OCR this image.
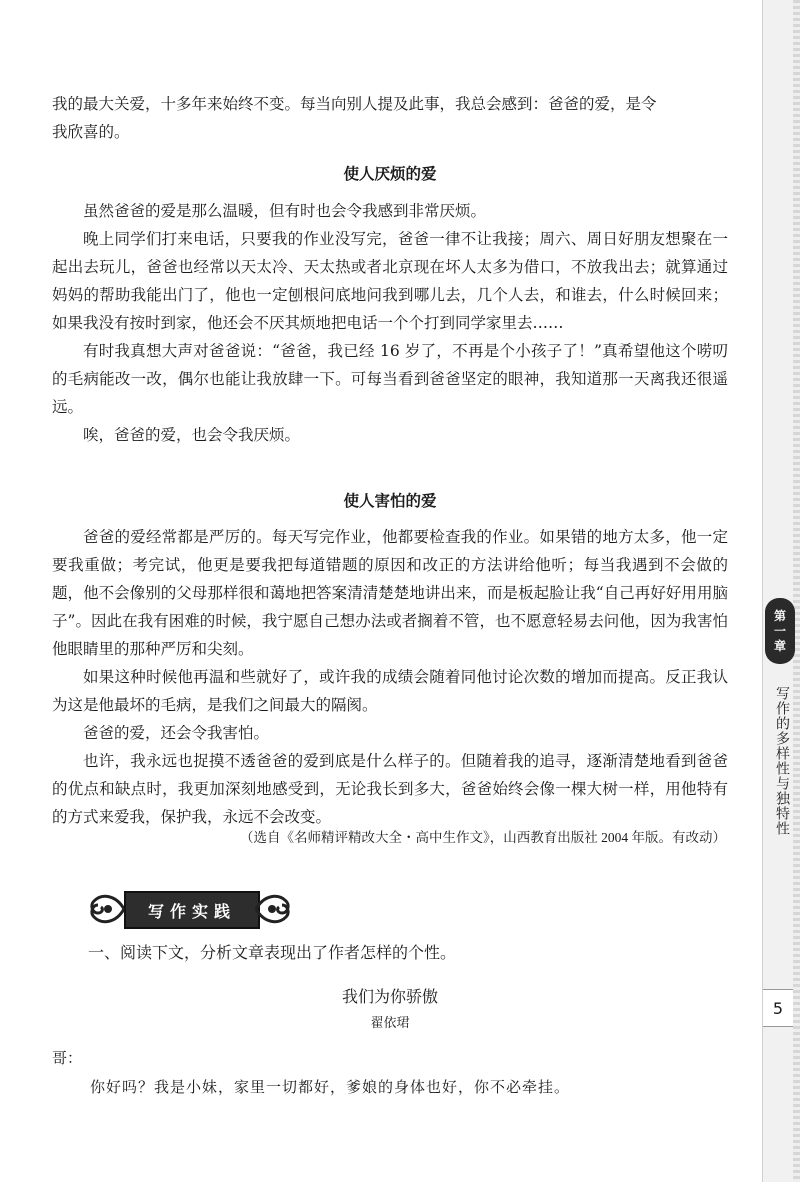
我的最大关爱，十多年来始终不变。每当向别人提及此事，我总会感到：爸爸的爱，是令

我欣喜的。

使人厌烦的爱

虽然爸爸的爱是那么温暖，但有时也会令我感到非常厌烦。

晚上同学们打来电话，只要我的作业没写完，爸爸一律不让我接；周六、周日好朋友想聚在一起出去玩儿，爸爸也经常以天太冷、天太热或者北京现在坏人太多为借口，不放我出去；就算通过妈妈的帮助我能出门了，他也一定刨根问底地问我到哪儿去，几个人去，和谁去，什么时候回来；如果我没有按时到家，他还会不厌其烦地把电话一个个打到同学家里去……

有时我真想大声对爸爸说：“爸爸，我已经 16 岁了，不再是个小孩子了！”真希望他这个唠叨的毛病能改一改，偶尔也能让我放肆一下。可每当看到爸爸坚定的眼神，我知道那一天离我还很遥远。

唉，爸爸的爱，也会令我厌烦。

使人害怕的爱

爸爸的爱经常都是严厉的。每天写完作业，他都要检查我的作业。如果错的地方太多，他一定要我重做；考完试，他更是要我把每道错题的原因和改正的方法讲给他听；每当我遇到不会做的题，他不会像别的父母那样很和蔼地把答案清清楚楚地讲出来，而是板起脸让我“自己再好好用用脑子”。因此在我有困难的时候，我宁愿自己想办法或者搁着不管，也不愿意轻易去问他，因为我害怕他眼睛里的那种严厉和尖刻。

如果这种时候他再温和些就好了，或许我的成绩会随着同他讨论次数的增加而提高。反正我认为这是他最坏的毛病，是我们之间最大的隔阂。

爸爸的爱，还会令我害怕。

也许，我永远也捉摸不透爸爸的爱到底是什么样子的。但随着我的追寻，逐渐清楚地看到爸爸的优点和缺点时，我更加深刻地感受到，无论我长到多大，爸爸始终会像一棵大树一样，用他特有的方式来爱我，保护我，永远不会改变。

（选自《名师精评精改大全・高中生作文》，山西教育出版社 2004 年版。有改动）
写作实践
一、阅读下文，分析文章表现出了作者怎样的个性。
我们为你骄傲
翟依珺
哥：
你好吗？我是小妹，家里一切都好，爹娘的身体也好，你不必牵挂。
第
一
章
写作的多样性与独特性
5
